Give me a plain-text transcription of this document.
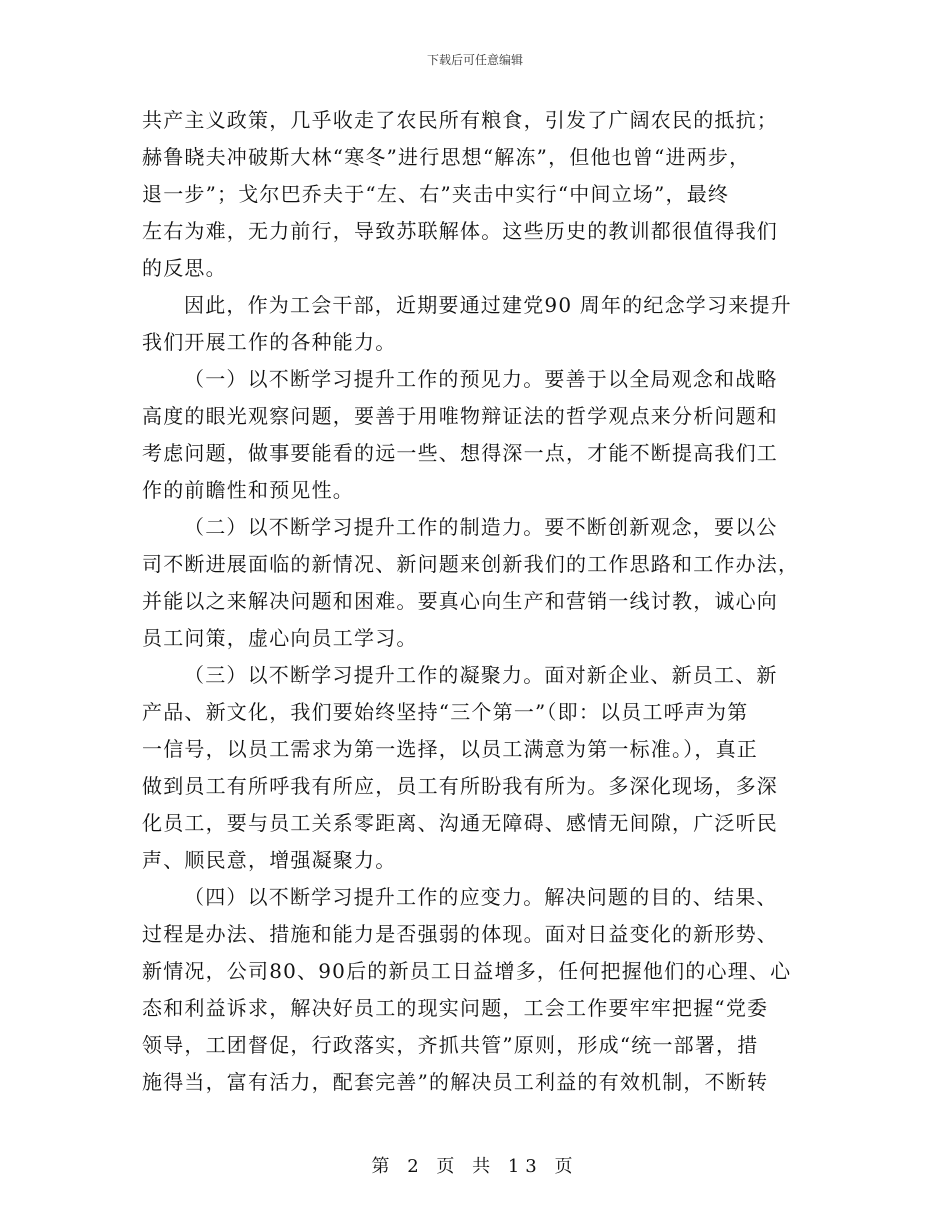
下载后可任意编辑
共产主义政策，几乎收走了农民所有粮食，引发了广阔农民的抵抗；
赫鲁晓夫冲破斯大林“寒冬”进行思想“解冻”，但他也曾“进两步，
退一步”；戈尔巴乔夫于“左、右”夹击中实行“中间立场”，最终
左右为难，无力前行，导致苏联解体。这些历史的教训都很值得我们
的反思。
因此，作为工会干部，近期要通过建党90 周年的纪念学习来提升
我们开展工作的各种能力。
（一）以不断学习提升工作的预见力。要善于以全局观念和战略
高度的眼光观察问题，要善于用唯物辩证法的哲学观点来分析问题和
考虑问题，做事要能看的远一些、想得深一点，才能不断提高我们工
作的前瞻性和预见性。
（二）以不断学习提升工作的制造力。要不断创新观念，要以公
司不断进展面临的新情况、新问题来创新我们的工作思路和工作办法，
并能以之来解决问题和困难。要真心向生产和营销一线讨教，诚心向
员工问策，虚心向员工学习。
（三）以不断学习提升工作的凝聚力。面对新企业、新员工、新
产品、新文化，我们要始终坚持“三个第一”（即：以员工呼声为第
一信号，以员工需求为第一选择，以员工满意为第一标准。），真正
做到员工有所呼我有所应，员工有所盼我有所为。多深化现场，多深
化员工，要与员工关系零距离、沟通无障碍、感情无间隙，广泛听民
声、顺民意，增强凝聚力。
（四）以不断学习提升工作的应变力。解决问题的目的、结果、
过程是办法、措施和能力是否强弱的体现。面对日益变化的新形势、
新情况，公司80、90后的新员工日益增多，任何把握他们的心理、心
态和利益诉求，解决好员工的现实问题，工会工作要牢牢把握“党委
领导，工团督促，行政落实，齐抓共管”原则，形成“统一部署，措
施得当，富有活力，配套完善”的解决员工利益的有效机制，不断转
第 2 页 共 13 页
